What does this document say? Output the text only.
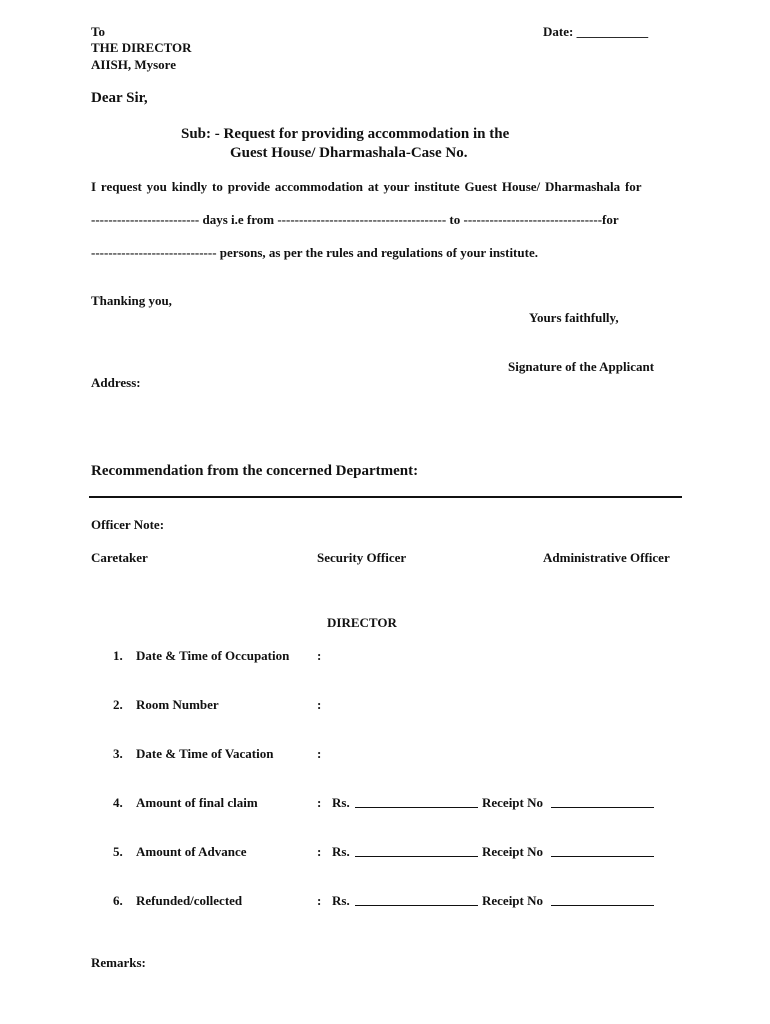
To
THE DIRECTOR
AIISH, Mysore
Date: ___________
Dear Sir,
Sub: - Request for providing accommodation in the
Guest House/ Dharmashala-Case No.
I request you kindly to provide accommodation at your institute Guest House/ Dharmashala for
------------------------- days i.e from --------------------------------------- to --------------------------------for
----------------------------- persons, as per the rules and regulations of your institute.
Thanking you,
Yours faithfully,
Signature of the Applicant
Address:
Recommendation from the concerned Department:
Officer Note:
Caretaker	Security Officer	Administrative Officer
DIRECTOR
1. Date & Time of Occupation :
2. Room Number	:
3. Date & Time of Vacation	:
4. Amount of final claim	: Rs.	Receipt No
5. Amount of Advance	: Rs.	Receipt No
6. Refunded/collected	: Rs.	Receipt No
Remarks:
